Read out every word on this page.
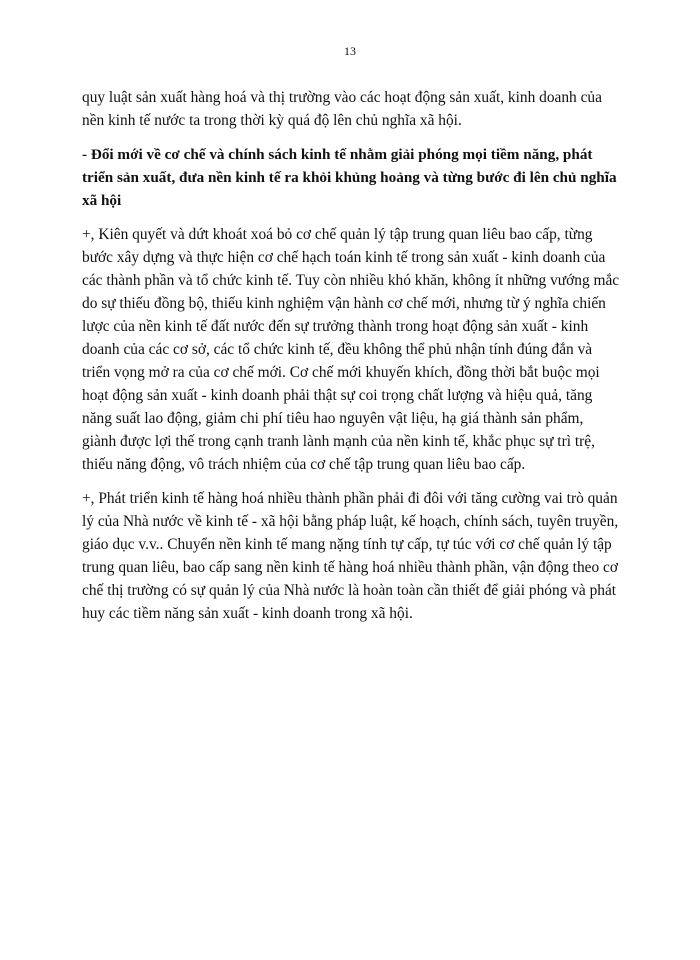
13

quy luật sản xuất hàng hoá và thị trường vào các hoạt động sản xuất, kinh doanh của nền kinh tế nước ta trong thời kỳ quá độ lên chủ nghĩa xã hội.

- Đổi mới về cơ chế và chính sách kinh tế nhằm giải phóng mọi tiềm năng, phát triển sản xuất, đưa nền kinh tế ra khỏi khủng hoảng và từng bước đi lên chủ nghĩa xã hội

+, Kiên quyết và dứt khoát xoá bỏ cơ chế quản lý tập trung quan liêu bao cấp, từng bước xây dựng và thực hiện cơ chế hạch toán kinh tế trong sản xuất - kinh doanh của các thành phần và tổ chức kinh tế. Tuy còn nhiều khó khăn, không ít những vướng mắc do sự thiếu đồng bộ, thiếu kinh nghiệm vận hành cơ chế mới, nhưng từ ý nghĩa chiến lược của nền kinh tế đất nước đến sự trưởng thành trong hoạt động sản xuất - kinh doanh của các cơ sở, các tổ chức kinh tế, đều không thể phủ nhận tính đúng đắn và triển vọng mở ra của cơ chế mới. Cơ chế mới khuyến khích, đồng thời bắt buộc mọi hoạt động sản xuất - kinh doanh phải thật sự coi trọng chất lượng và hiệu quả, tăng năng suất lao động, giảm chi phí tiêu hao nguyên vật liệu, hạ giá thành sản phẩm, giành được lợi thế trong cạnh tranh lành mạnh của nền kinh tế, khắc phục sự trì trệ, thiếu năng động, vô trách nhiệm của cơ chế tập trung quan liêu bao cấp.

+, Phát triển kinh tế hàng hoá nhiều thành phần phải đi đôi với tăng cường vai trò quản lý của Nhà nước về kinh tế - xã hội bằng pháp luật, kế hoạch, chính sách, tuyên truyền, giáo dục v.v.. Chuyển nền kinh tế mang nặng tính tự cấp, tự túc với cơ chế quản lý tập trung quan liêu, bao cấp sang nền kinh tế hàng hoá nhiều thành phần, vận động theo cơ chế thị trường có sự quản lý của Nhà nước là hoàn toàn cần thiết để giải phóng và phát huy các tiềm năng sản xuất - kinh doanh trong xã hội.
